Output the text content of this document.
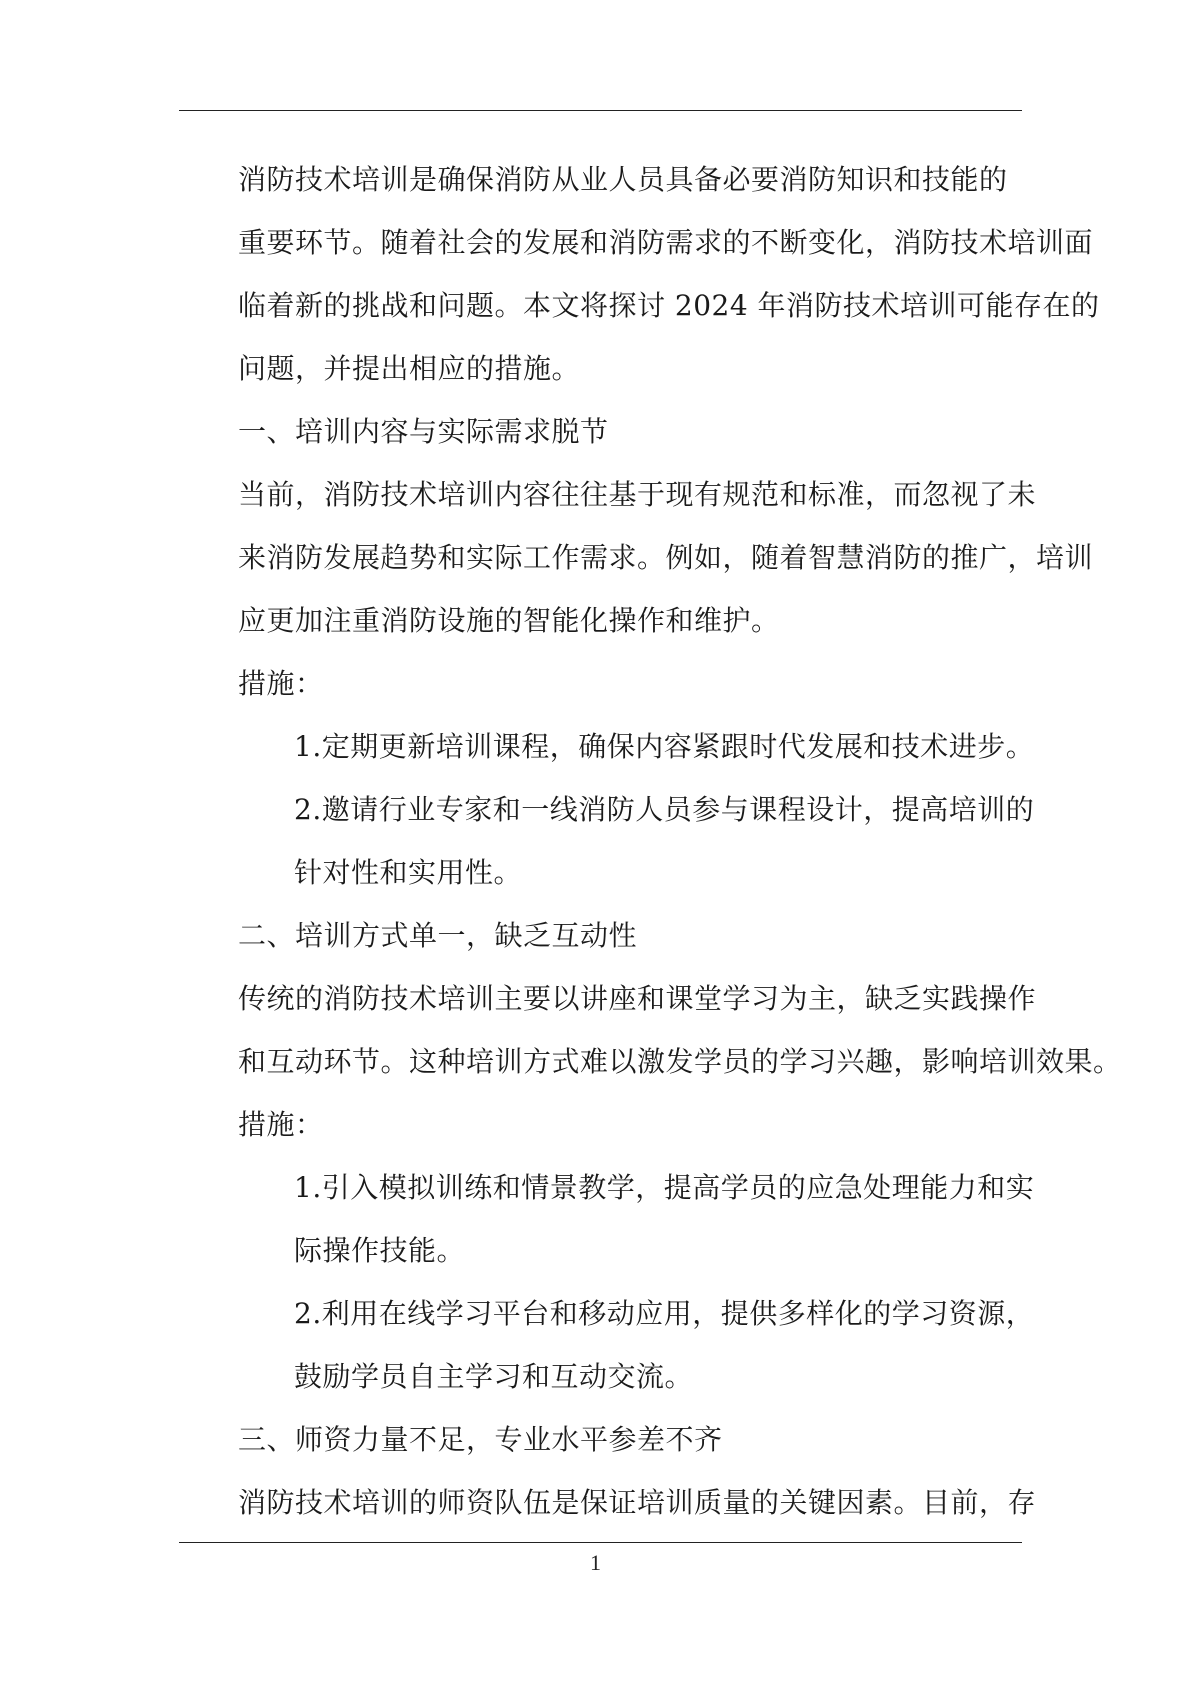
消防技术培训是确保消防从业人员具备必要消防知识和技能的
重要环节。随着社会的发展和消防需求的不断变化，消防技术培训面
临着新的挑战和问题。本文将探讨 2024 年消防技术培训可能存在的
问题，并提出相应的措施。

一、培训内容与实际需求脱节

当前，消防技术培训内容往往基于现有规范和标准，而忽视了未
来消防发展趋势和实际工作需求。例如，随着智慧消防的推广，培训
应更加注重消防设施的智能化操作和维护。

措施：

1.定期更新培训课程，确保内容紧跟时代发展和技术进步。

2.邀请行业专家和一线消防人员参与课程设计，提高培训的
针对性和实用性。

二、培训方式单一，缺乏互动性

传统的消防技术培训主要以讲座和课堂学习为主，缺乏实践操作
和互动环节。这种培训方式难以激发学员的学习兴趣，影响培训效果。

措施：

1.引入模拟训练和情景教学，提高学员的应急处理能力和实
际操作技能。

2.利用在线学习平台和移动应用，提供多样化的学习资源，
鼓励学员自主学习和互动交流。

三、师资力量不足，专业水平参差不齐

消防技术培训的师资队伍是保证培训质量的关键因素。目前，存

1
